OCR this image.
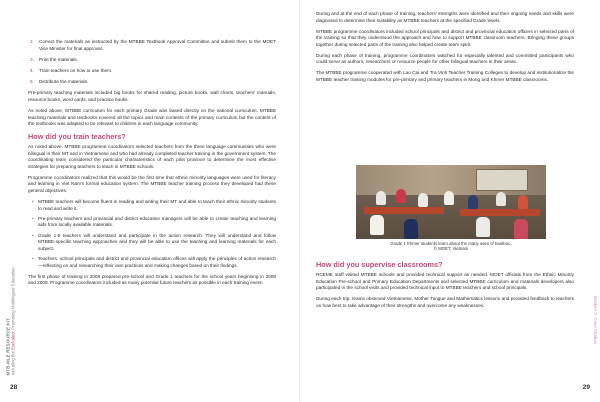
2. Correct the materials as instructed by the MTBBE Textbook Approval Committee and submit them to the MOET Vice Minister for final approval.
3. Print the materials.
4. Train teachers on how to use them.
5. Distribute the materials.

Pre-primary teaching materials included big books for shared reading, picture books, wall charts, teachers' manuals, resource books, word cards, and practice books.

As noted above, MTBBE curriculum for each primary Grade was based directly on the national curriculum. MTBBE teaching materials and textbooks covered all the topics and main contents of the primary curriculum but the content of the textbooks was adapted to be relevant to children in each language community.

How did you train teachers?

As noted above, MTBBE programme coordinators selected teachers from the three language communities who were bilingual in their MT and in Vietnamese and who had already completed teacher training in the government system. The coordinating team considered the particular characteristics of each pilot province to determine the most effective strategies for preparing teachers to teach in MTBBE schools.

Programme coordinators realized that this would be the first time that ethnic minority languages were used for literacy and learning in Viet Nam's formal education system. The MTBBE teacher training process they developed had these general objectives:

• MTBBE teachers will become fluent in reading and writing their MT and able to teach their ethnic minority students to read and write it.
• Pre-primary teachers and provincial and district education managers will be able to create teaching and learning aids from locally available materials.
• Grade 1-5 teachers will understand and participate in the action research. They will understand and follow MTBBE-specific teaching approaches and they will be able to use the teaching and learning materials for each subject.
• Teachers, school principals and district and provincial education offices will apply the principles of action research—reflecting on and researching their own practices and making changes based on their findings.

The first phase of training in 2008 prepared pre-school and Grade 1 teachers for the school years beginning in 2008 and 2009. Programme coordinators included as many potential future teachers as possible in each training event.

MTB-MLE RESOURCE KIT Including the Excluded: Promoting Multilingual Education
28

During and at the end of each phase of training, teachers' strengths were identified and their ongoing needs and skills were diagnosed to determine their suitability as MTBBE teachers at the specified Grade levels.

MTBBE programme coordinators included school principals and district and provincial education officers in selected parts of the training so that they understood the approach and how to support MTBBE classroom teachers. Bringing these groups together during selected parts of the training also helped create team spirit.

During each phase of training, programme coordinators watched for especially talented and committed participants who could serve as authors, researchers or resource people for other bilingual teachers in their areas.

The MTBBE programme cooperated with Lao Cai and Tra Vinh Teacher Training Colleges to develop and institutionalize the MTBBE teacher training modules for pre-primary and primary teachers in Mong and Khmer MTBBE classrooms.

Grade 1 Khmer students learn about the many uses of bamboo.
© MOET, Vietnam
How did you supervise classrooms?

RCEME staff visited MTBBE schools and provided technical support as needed. MOET officials from the Ethnic Minority Education Pre-school and Primary Education Departments and selected MTBBE curriculum and materials developers also participated in the school visits and provided technical input to MTBBE teachers and school principals.

During each trip, teams observed Vietnamese, Mother Tongue and Mathematics lessons and provided feedback to teachers on how best to take advantage of their strengths and overcome any weaknesses.	Booklet 3: Case Studies
29
